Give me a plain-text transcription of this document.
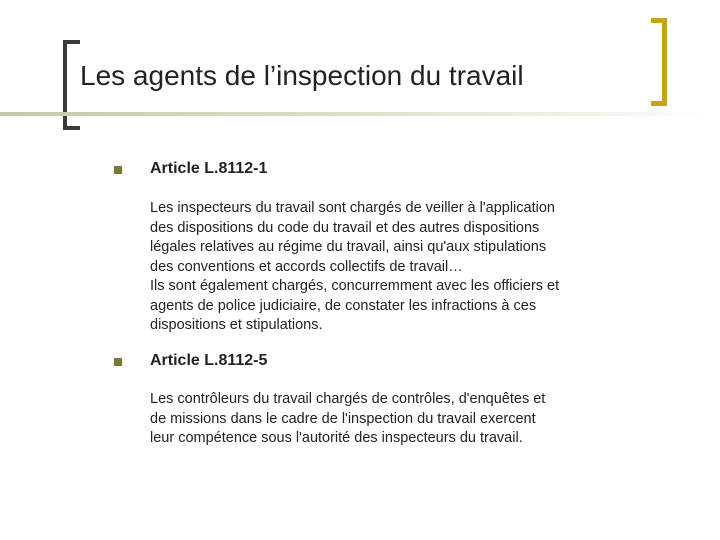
Les agents de l’inspection du travail
Article L.8112-1

Les inspecteurs du travail sont chargés de veiller à l'application
des dispositions du code du travail et des autres dispositions
légales relatives au régime du travail, ainsi qu'aux stipulations
des conventions et accords collectifs de travail…
Ils sont également chargés, concurremment avec les officiers et
agents de police judiciaire, de constater les infractions à ces
dispositions et stipulations.

Article L.8112-5

Les contrôleurs du travail chargés de contrôles, d'enquêtes et
de missions dans le cadre de l'inspection du travail exercent
leur compétence sous l'autorité des inspecteurs du travail.
